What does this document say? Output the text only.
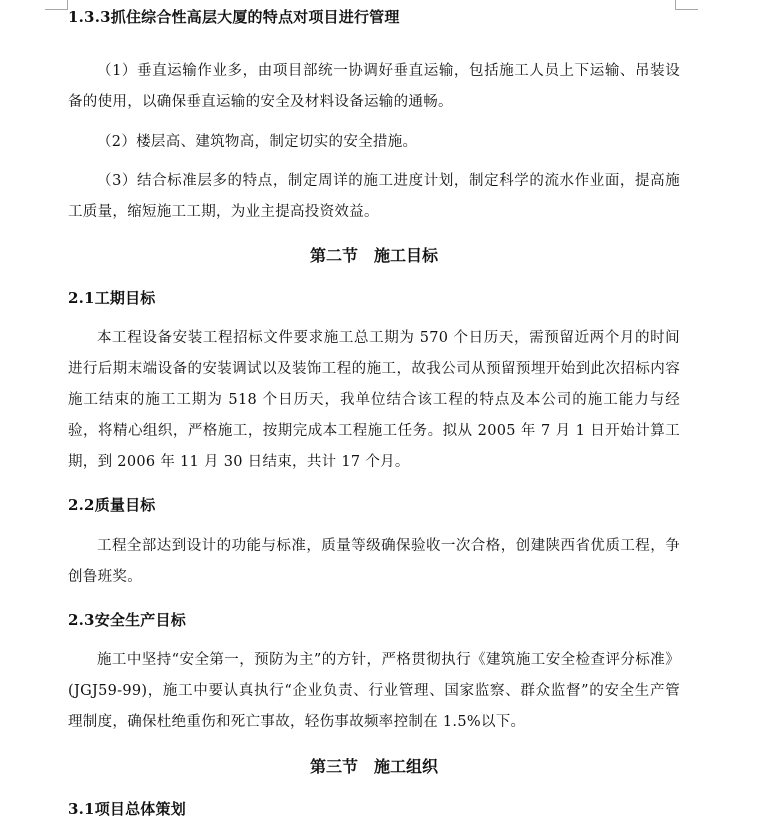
1.3.3抓住综合性高层大厦的特点对项目进行管理
（1）垂直运输作业多，由项目部统一协调好垂直运输，包括施工人员上下运输、吊装设备的使用，以确保垂直运输的安全及材料设备运输的通畅。
（2）楼层高、建筑物高，制定切实的安全措施。
（3）结合标准层多的特点，制定周详的施工进度计划，制定科学的流水作业面，提高施工质量，缩短施工工期，为业主提高投资效益。
第二节　施工目标
2.1工期目标
本工程设备安装工程招标文件要求施工总工期为 570 个日历天，需预留近两个月的时间进行后期末端设备的安装调试以及装饰工程的施工，故我公司从预留预埋开始到此次招标内容施工结束的施工工期为 518 个日历天，我单位结合该工程的特点及本公司的施工能力与经验，将精心组织，严格施工，按期完成本工程施工任务。拟从 2005 年 7 月 1 日开始计算工期，到 2006 年 11 月 30 日结束，共计 17 个月。
2.2质量目标
工程全部达到设计的功能与标准，质量等级确保验收一次合格，创建陕西省优质工程，争创鲁班奖。
2.3安全生产目标
施工中坚持“安全第一，预防为主”的方针，严格贯彻执行《建筑施工安全检查评分标准》(JGJ59-99)，施工中要认真执行“企业负责、行业管理、国家监察、群众监督”的安全生产管理制度，确保杜绝重伤和死亡事故，轻伤事故频率控制在 1.5%以下。
第三节　施工组织
3.1项目总体策划
